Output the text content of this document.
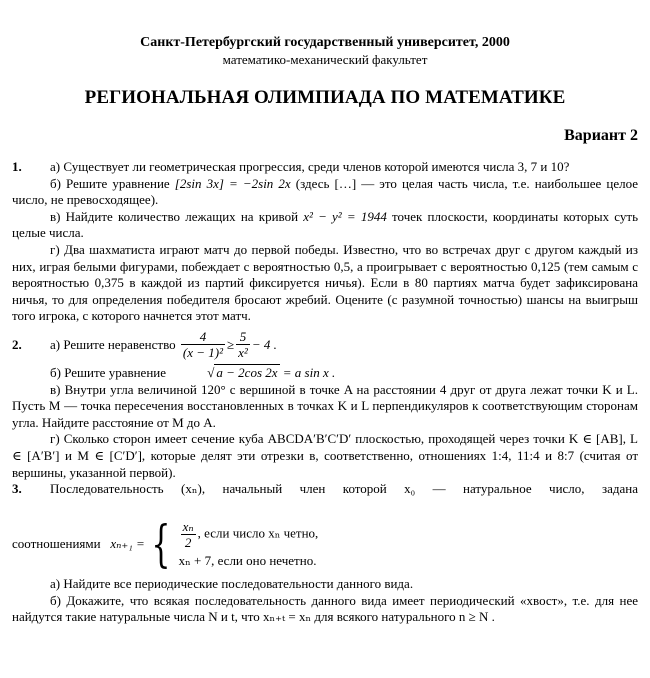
Санкт-Петербургский государственный университет, 2000
математико-механический факультет
РЕГИОНАЛЬНАЯ ОЛИМПИАДА ПО МАТЕМАТИКЕ
Вариант 2

1. а) Существует ли геометрическая прогрессия, среди членов которой имеются числа 3, 7 и 10?

б) Решите уравнение [2sin 3x] = −2sin 2x (здесь […] — это целая часть числа, т.е. наибольшее целое число, не превосходящее).

в) Найдите количество лежащих на кривой x² − y² = 1944 точек плоскости, координаты которых суть целые числа.

г) Два шахматиста играют матч до первой победы. Известно, что во встречах друг с другом каждый из них, играя белыми фигурами, побеждает с вероятностью 0,5, а проигрывает с вероятностью 0,125 (тем самым с вероятностью 0,375 в каждой из партий фиксируется ничья). Если в 80 партиях матча будет зафиксирована ничья, то для определения победителя бросают жребий. Оцените (с разумной точностью) шансы на выигрыш того игрока, с которого начнется этот матч.

2.	а) Решите неравенство
$\frac{4}{\text{(x − 1)²}} \ge \frac{5}{\text{x²}} - 4$ .

б) Решите уравнение	√ a − 2cos 2x = a sin x .

в) Внутри угла величиной 120° с вершиной в точке A на расстоянии 4 друг от друга лежат точки K и L. Пусть M — точка пересечения восстановленных в точках K и L перпендикуляров к соответствующим сторонам угла. Найдите расстояние от M до A.

г) Сколько сторон имеет сечение куба ABCDA′B′C′D′ плоскостью, проходящей через точки K ∈ [AB], L ∈ [A′B′] и M ∈ [C′D′], которые делят эти отрезки в, соответственно, отношениях 1:4, 11:4 и 8:7 (считая от вершины, указанной первой).

3. Последовательность (xₙ), начальный член которой x₀ — натуральное число, задана

соотношениями
xₙ₊₁ = { $\frac{\text{xₙ}}{2}$ , если число xₙ четно,
xₙ + 7, если оно нечетно.

а) Найдите все периодические последовательности данного вида.

б) Докажите, что всякая последовательность данного вида имеет периодический «хвост», т.е. для нее найдутся такие натуральные числа N и t, что xₙ₊ₜ = xₙ для всякого натурального n ≥ N .
